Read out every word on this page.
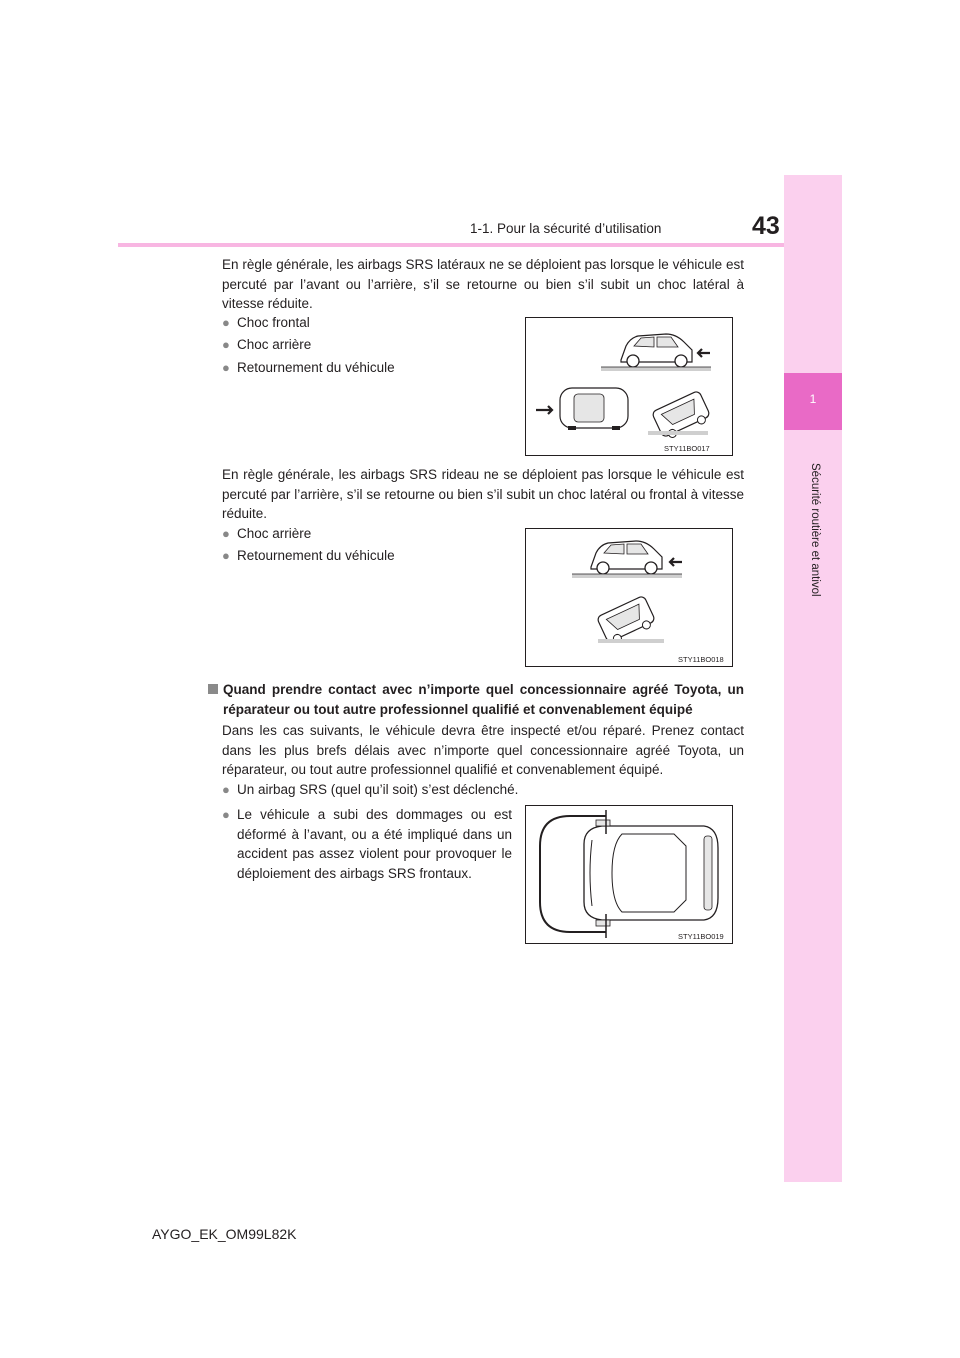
1-1. Pour la sécurité d’utilisation	43
1
Sécurité routière et antivol
En règle générale, les airbags SRS latéraux ne se déploient pas lorsque le véhicule est percuté par l’avant ou l’arrière, s’il se retourne ou bien s’il subit un choc latéral à vitesse réduite.
● Choc frontal
● Choc arrière
● Retournement du véhicule
STY11BO017
En règle générale, les airbags SRS rideau ne se déploient pas lorsque le véhicule est percuté par l’arrière, s’il se retourne ou bien s’il subit un choc latéral ou frontal à vitesse réduite.
● Choc arrière
● Retournement du véhicule
STY11BO018
Quand prendre contact avec n’importe quel concessionnaire agréé Toyota, un réparateur ou tout autre professionnel qualifié et convenablement équipé
Dans les cas suivants, le véhicule devra être inspecté et/ou réparé. Prenez contact dans les plus brefs délais avec n’importe quel concessionnaire agréé Toyota, un réparateur, ou tout autre professionnel qualifié et convenablement équipé.
● Un airbag SRS (quel qu’il soit) s’est déclenché.
● Le véhicule a subi des dommages ou est déformé à l’avant, ou a été impliqué dans un accident pas assez violent pour provoquer le déploiement des airbags SRS frontaux.
STY11BO019
AYGO_EK_OM99L82K
